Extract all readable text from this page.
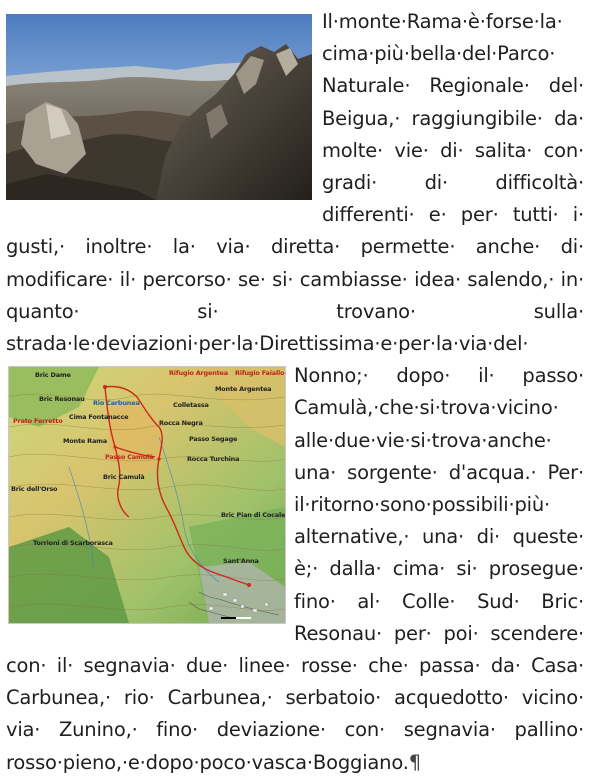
Il·monte·Rama·è·forse·la· cima·più·bella·del·Parco· Naturale· Regionale· del· Beigua,· raggiungibile· da· molte· vie· di· salita· con· gradi· di· difficoltà· differenti· e· per· tutti· i· gusti,· inoltre· la· via· diretta· permette· anche· di· modificare· il· percorso· se· si· cambiasse· idea· salendo,· in· quanto· si· trovano· sulla· strada·le·deviazioni·per·la·Direttissima·e·per·la·via·del·
Bric Dame	Rifugio Argentea Rifugio Faiallo
Monte Argentea
Bric Resonau Rio Carbunea	Colletassa
Prato Ferretto Cima Fontanacce
Rocca Negra
Monte Rama
Passo Camulà
Passo Segage
Rocca Turchina
Bric Camulà
Bric dell'Orso
Bric Pian di Cocale
Torrioni di Scarborasca
Sant'Anna
Nonno;· dopo· il· passo· Camulà,·che·si·trova·vicino· alle·due·vie·si·trova·anche· una· sorgente· d'acqua.· Per· il·ritorno·sono·possibili·più· alternative,· una· di· queste· è;· dalla· cima· si· prosegue· fino· al· Colle· Sud· Bric· Resonau· per· poi· scendere· con· il· segnavia· due· linee· rosse· che· passa· da· Casa· Carbunea,· rio· Carbunea,· serbatoio· acquedotto· vicino· via· Zunino,· fino· deviazione· con· segnavia· pallino· rosso·pieno,·e·dopo·poco·vasca·Boggiano.¶
